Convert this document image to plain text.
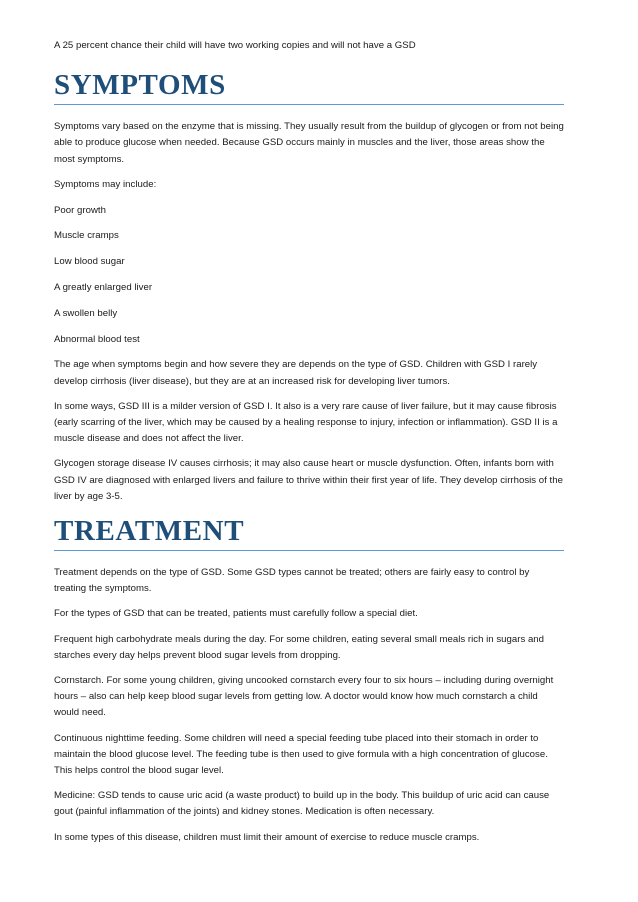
A 25 percent chance their child will have two working copies and will not have a GSD

SYMPTOMS

Symptoms vary based on the enzyme that is missing. They usually result from the buildup of glycogen or from not being able to produce glucose when needed. Because GSD occurs mainly in muscles and the liver, those areas show the most symptoms.

Symptoms may include:

Poor growth

Muscle cramps

Low blood sugar

A greatly enlarged liver

A swollen belly

Abnormal blood test

The age when symptoms begin and how severe they are depends on the type of GSD. Children with GSD I rarely develop cirrhosis (liver disease), but they are at an increased risk for developing liver tumors.

In some ways, GSD III is a milder version of GSD I. It also is a very rare cause of liver failure, but it may cause fibrosis (early scarring of the liver, which may be caused by a healing response to injury, infection or inflammation). GSD II is a muscle disease and does not affect the liver.

Glycogen storage disease IV causes cirrhosis; it may also cause heart or muscle dysfunction. Often, infants born with GSD IV are diagnosed with enlarged livers and failure to thrive within their first year of life. They develop cirrhosis of the liver by age 3-5.

TREATMENT

Treatment depends on the type of GSD. Some GSD types cannot be treated; others are fairly easy to control by treating the symptoms.

For the types of GSD that can be treated, patients must carefully follow a special diet.

Frequent high carbohydrate meals during the day. For some children, eating several small meals rich in sugars and starches every day helps prevent blood sugar levels from dropping.

Cornstarch. For some young children, giving uncooked cornstarch every four to six hours – including during overnight hours – also can help keep blood sugar levels from getting low. A doctor would know how much cornstarch a child would need.

Continuous nighttime feeding. Some children will need a special feeding tube placed into their stomach in order to maintain the blood glucose level. The feeding tube is then used to give formula with a high concentration of glucose. This helps control the blood sugar level.

Medicine: GSD tends to cause uric acid (a waste product) to build up in the body. This buildup of uric acid can cause gout (painful inflammation of the joints) and kidney stones. Medication is often necessary.

In some types of this disease, children must limit their amount of exercise to reduce muscle cramps.
